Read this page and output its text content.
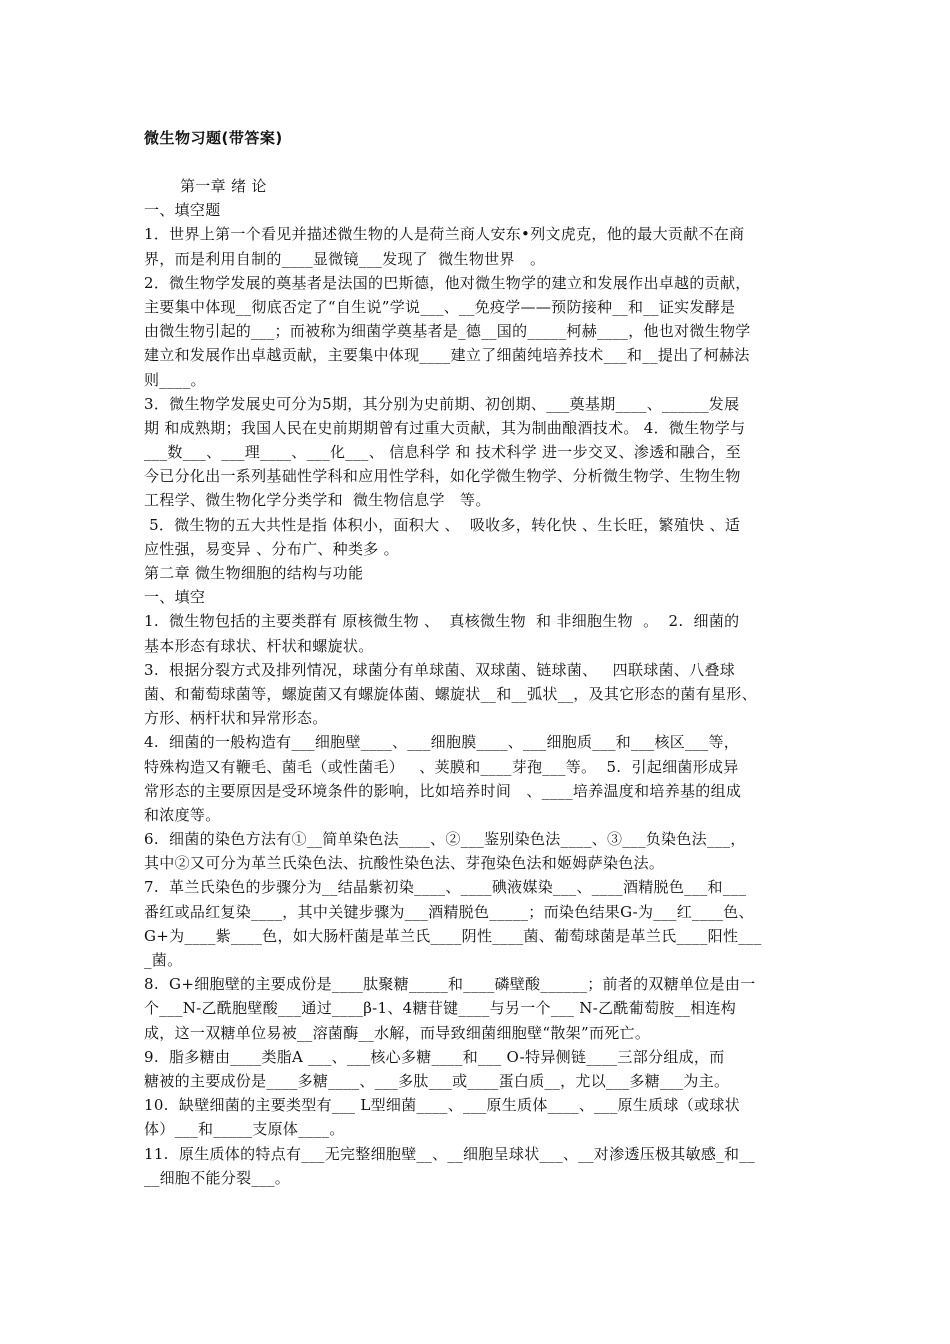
微生物习题(带答案)
第一章 绪 论
一、填空题
1．世界上第一个看见并描述微生物的人是荷兰商人安东•列文虎克，他的最大贡献不在商
界，而是利用自制的____显微镜___发现了  微生物世界   。
2．微生物学发展的奠基者是法国的巴斯德，他对微生物学的建立和发展作出卓越的贡献，
主要集中体现__彻底否定了“自生说”学说___、__免疫学——预防接种__和__证实发酵是
由微生物引起的___；而被称为细菌学奠基者是_德__国的_____柯赫____，他也对微生物学
建立和发展作出卓越贡献，主要集中体现____建立了细菌纯培养技术___和__提出了柯赫法
则____。
3．微生物学发展史可分为5期，其分别为史前期、初创期、___奠基期____、______发展
期 和成熟期；我国人民在史前期期曾有过重大贡献，其为制曲酿酒技术。 4．微生物学与
___数___、___理____、___化___、 信息科学 和 技术科学 进一步交叉、渗透和融合，至
今已分化出一系列基础性学科和应用性学科，如化学微生物学、分析微生物学、生物生物
工程学、微生物化学分类学和  微生物信息学   等。
5．微生物的五大共性是指 体积小，面积大 、  吸收多，转化快 、生长旺，繁殖快 、适
应性强，易变异 、分布广、种类多 。
第二章 微生物细胞的结构与功能
一、填空
1.  微生物包括的主要类群有 原核微生物 、  真核微生物  和 非细胞生物  。  2.  细菌的
基本形态有球状、杆状和螺旋状。
3.  根据分裂方式及排列情况，球菌分有单球菌、双球菌、链球菌、   四联球菌、八叠球
菌、和葡萄球菌等，螺旋菌又有螺旋体菌、螺旋状__和__弧状__，及其它形态的菌有星形、
方形、柄杆状和异常形态。
4.  细菌的一般构造有___细胞壁____、___细胞膜____、___细胞质___和___核区___等，
特殊构造又有鞭毛、菌毛（或性菌毛）   、荚膜和____芽孢___等。  5.  引起细菌形成异
常形态的主要原因是受环境条件的影响，比如培养时间   、____培养温度和培养基的组成
和浓度等。
6.  细菌的染色方法有①__简单染色法____、②___鉴别染色法____、③___负染色法___，
其中②又可分为革兰氏染色法、抗酸性染色法、芽孢染色法和姬姆萨染色法。
7.  革兰氏染色的步骤分为__结晶紫初染____、____碘液媒染___、____酒精脱色___和___
番红或品红复染____，其中关键步骤为___酒精脱色_____；而染色结果G-为___红____色、
G+为____紫____色，如大肠杆菌是革兰氏____阴性____菌、葡萄球菌是革兰氏____阳性___
_菌。
8.  G+细胞壁的主要成份是____肽聚糖_____和____磷壁酸______；前者的双糖单位是由一
个___N-乙酰胞壁酸___通过____β-1、4糖苷键____与另一个___ N-乙酰葡萄胺__相连构
成，这一双糖单位易被__溶菌酶__水解，而导致细菌细胞壁“散架”而死亡。
9.  脂多糖由____类脂A ___、___核心多糖____和___ O-特异侧链____三部分组成，而
糖被的主要成份是____多糖____、___多肽___或____蛋白质__，尤以___多糖___为主。
10.  缺壁细菌的主要类型有___ L型细菌____、___原生质体____、___原生质球（或球状
体）___和_____支原体____。
11.  原生质体的特点有___无完整细胞壁__、__细胞呈球状___、__对渗透压极其敏感_和__
__细胞不能分裂___。
